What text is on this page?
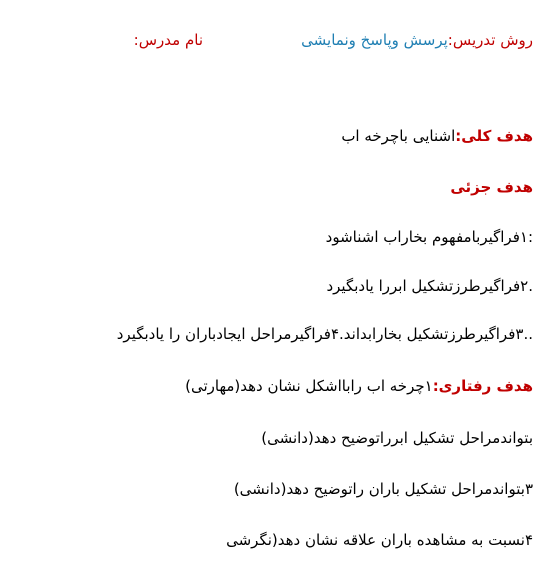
روش تدریس:پرسش وپاسخ ونمایشی
نام مدرس:
هدف کلی:اشنایی باچرخه اب
هدف جزئی
:۱فراگیرباﻣﻔﻬﻮﻡ ﺑﺨﺎﺭﺍﺏ ﺍﺷﻨﺎﺷﻮﺩ
.۲فراگیرطرزتشکیل ابررا یادبگیرد
..۳فراگیرطرزتشکیل بخارابداند.۴فراگیرمراحل ایجادباران را یادبگیرد
هدف رفتاری:۱چرخه اب رابااشکل نشان دهد(مهارتی)
بتواندمراحل تشکیل ابرراتوضیح دهد(دانشی)
۳بتواندمراحل تشکیل باران راتوضیح دهد(دانشی)
۴نسبت به مشاهده باران علاقه نشان دهد(نگرشی
